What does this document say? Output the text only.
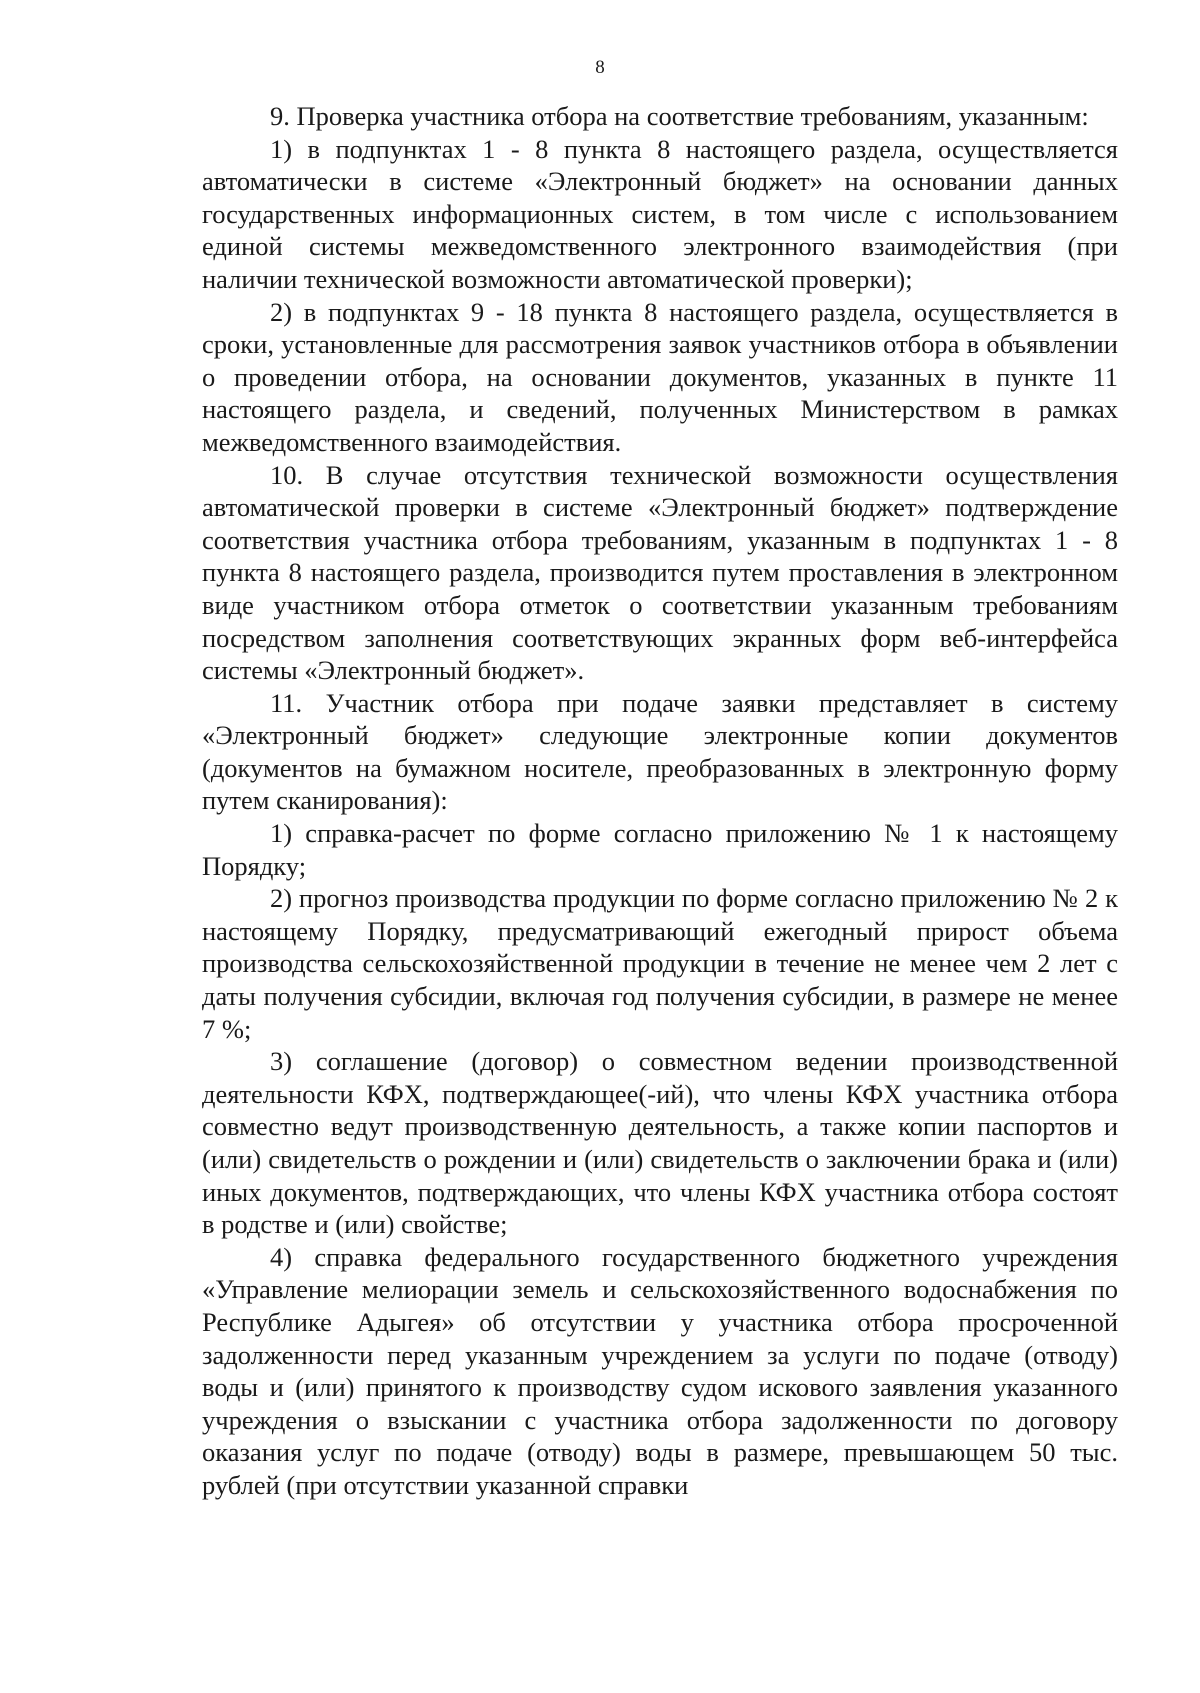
8

9. Проверка участника отбора на соответствие требованиям, указанным:

1) в подпунктах 1 - 8 пункта 8 настоящего раздела, осуществляется автоматически в системе «Электронный бюджет» на основании данных государственных информационных систем, в том числе с использованием единой системы межведомственного электронного взаимодействия (при наличии технической возможности автоматической проверки);

2) в подпунктах 9 - 18 пункта 8 настоящего раздела, осуществляется в сроки, установленные для рассмотрения заявок участников отбора в объявлении о проведении отбора, на основании документов, указанных в пункте 11 настоящего раздела, и сведений, полученных Министерством в рамках межведомственного взаимодействия.

10. В случае отсутствия технической возможности осуществления автоматической проверки в системе «Электронный бюджет» подтверждение соответствия участника отбора требованиям, указанным в подпунктах 1 - 8 пункта 8 настоящего раздела, производится путем проставления в электронном виде участником отбора отметок о соответствии указанным требованиям посредством заполнения соответствующих экранных форм веб-интерфейса системы «Электронный бюджет».

11. Участник отбора при подаче заявки представляет в систему «Электронный бюджет» следующие электронные копии документов (документов на бумажном носителе, преобразованных в электронную форму путем сканирования):

1) справка-расчет по форме согласно приложению № 1 к настоящему Порядку;

2) прогноз производства продукции по форме согласно приложению № 2 к настоящему Порядку, предусматривающий ежегодный прирост объема производства сельскохозяйственной продукции в течение не менее чем 2 лет с даты получения субсидии, включая год получения субсидии, в размере не менее 7 %;

3) соглашение (договор) о совместном ведении производственной деятельности КФХ, подтверждающее(-ий), что члены КФХ участника отбора совместно ведут производственную деятельность, а также копии паспортов и (или) свидетельств о рождении и (или) свидетельств о заключении брака и (или) иных документов, подтверждающих, что члены КФХ участника отбора состоят в родстве и (или) свойстве;

4) справка федерального государственного бюджетного учреждения «Управление мелиорации земель и сельскохозяйственного водоснабжения по Республике Адыгея» об отсутствии у участника отбора просроченной задолженности перед указанным учреждением за услуги по подаче (отводу) воды и (или) принятого к производству судом искового заявления указанного учреждения о взыскании с участника отбора задолженности по договору оказания услуг по подаче (отводу) воды в размере, превышающем 50 тыс. рублей (при отсутствии указанной справки
